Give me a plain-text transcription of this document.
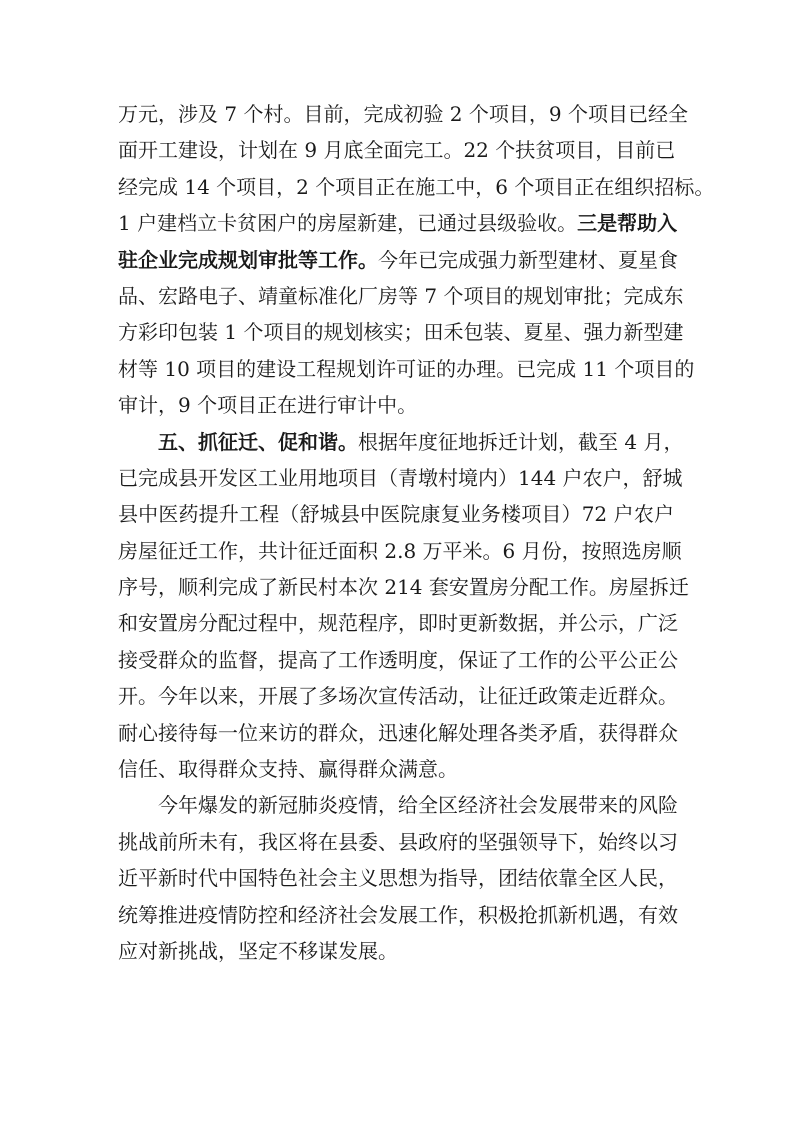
万元，涉及 7 个村。目前，完成初验 2 个项目，9 个项目已经全
面开工建设，计划在 9 月底全面完工。22 个扶贫项目，目前已
经完成 14 个项目，2 个项目正在施工中，6 个项目正在组织招标。
1 户建档立卡贫困户的房屋新建，已通过县级验收。三是帮助入
驻企业完成规划审批等工作。今年已完成强力新型建材、夏星食
品、宏路电子、靖童标准化厂房等 7 个项目的规划审批；完成东
方彩印包装 1 个项目的规划核实；田禾包装、夏星、强力新型建
材等 10 项目的建设工程规划许可证的办理。已完成 11 个项目的
审计，9 个项目正在进行审计中。
五、抓征迁、促和谐。根据年度征地拆迁计划，截至 4 月，
已完成县开发区工业用地项目（青墩村境内）144 户农户，舒城
县中医药提升工程（舒城县中医院康复业务楼项目）72 户农户
房屋征迁工作，共计征迁面积 2.8 万平米。6 月份，按照选房顺
序号，顺利完成了新民村本次 214 套安置房分配工作。房屋拆迁
和安置房分配过程中，规范程序，即时更新数据，并公示，广泛
接受群众的监督，提高了工作透明度，保证了工作的公平公正公
开。今年以来，开展了多场次宣传活动，让征迁政策走近群众。
耐心接待每一位来访的群众，迅速化解处理各类矛盾，获得群众
信任、取得群众支持、赢得群众满意。
今年爆发的新冠肺炎疫情，给全区经济社会发展带来的风险
挑战前所未有，我区将在县委、县政府的坚强领导下，始终以习
近平新时代中国特色社会主义思想为指导，团结依靠全区人民，
统筹推进疫情防控和经济社会发展工作，积极抢抓新机遇，有效
应对新挑战，坚定不移谋发展。
